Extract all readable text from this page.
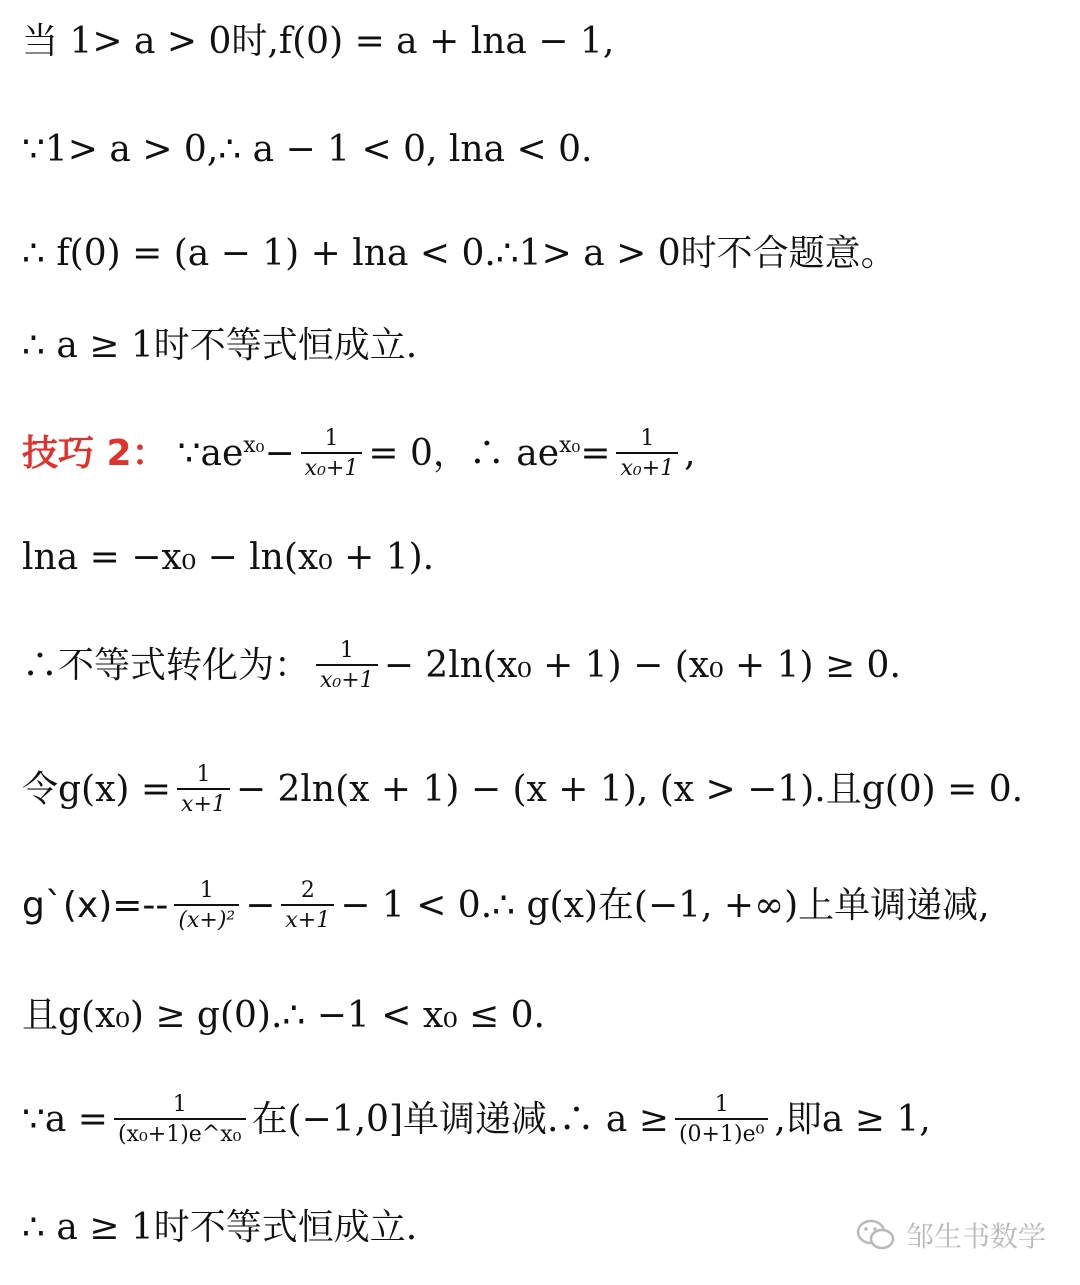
当 1> a > 0时,f(0) = a + lna − 1,
∵1> a > 0,∴ a − 1 < 0, lna < 0.
∴ f(0) = (a − 1) + lna < 0.∴1> a > 0时不合题意。
∴ a ≥ 1时不等式恒成立.
技巧 2： $\because ae^{x_0} - \frac{1}{\text{x₀+1}} = 0$，∴ $ae^{x_0} = \frac{1}{\text{x₀+1}}$ ,
lna = −x₀ − ln(x₀ + 1).
∴不等式转化为： $\frac{1}{\text{x₀+1}} - 2\ln(x_0 + 1) - (x_0 + 1) \ge 0$.
令$g(x) = \frac{1}{x+1} - 2\ln(x + 1) - (x + 1)$, (x > −1).且g(0) = 0.
g`(x)=-- $\frac{1}{\text{(x+)²}} - \frac{2}{x+1} - 1$ < 0.∴ g(x)在(−1, +∞)上单调递减,
且g(x₀) ≥ g(0).∴ −1 < x₀ ≤ 0.
∵a = $\frac{1}{\text{(x₀+1)e\textasciicircum{}x₀}}$ 在(−1,0]单调递减.∴ $a \ge \frac{1}{\text{(0+1)e⁰}}$ ,即a ≥ 1,
∴ a ≥ 1时不等式恒成立.	邹生书数学
